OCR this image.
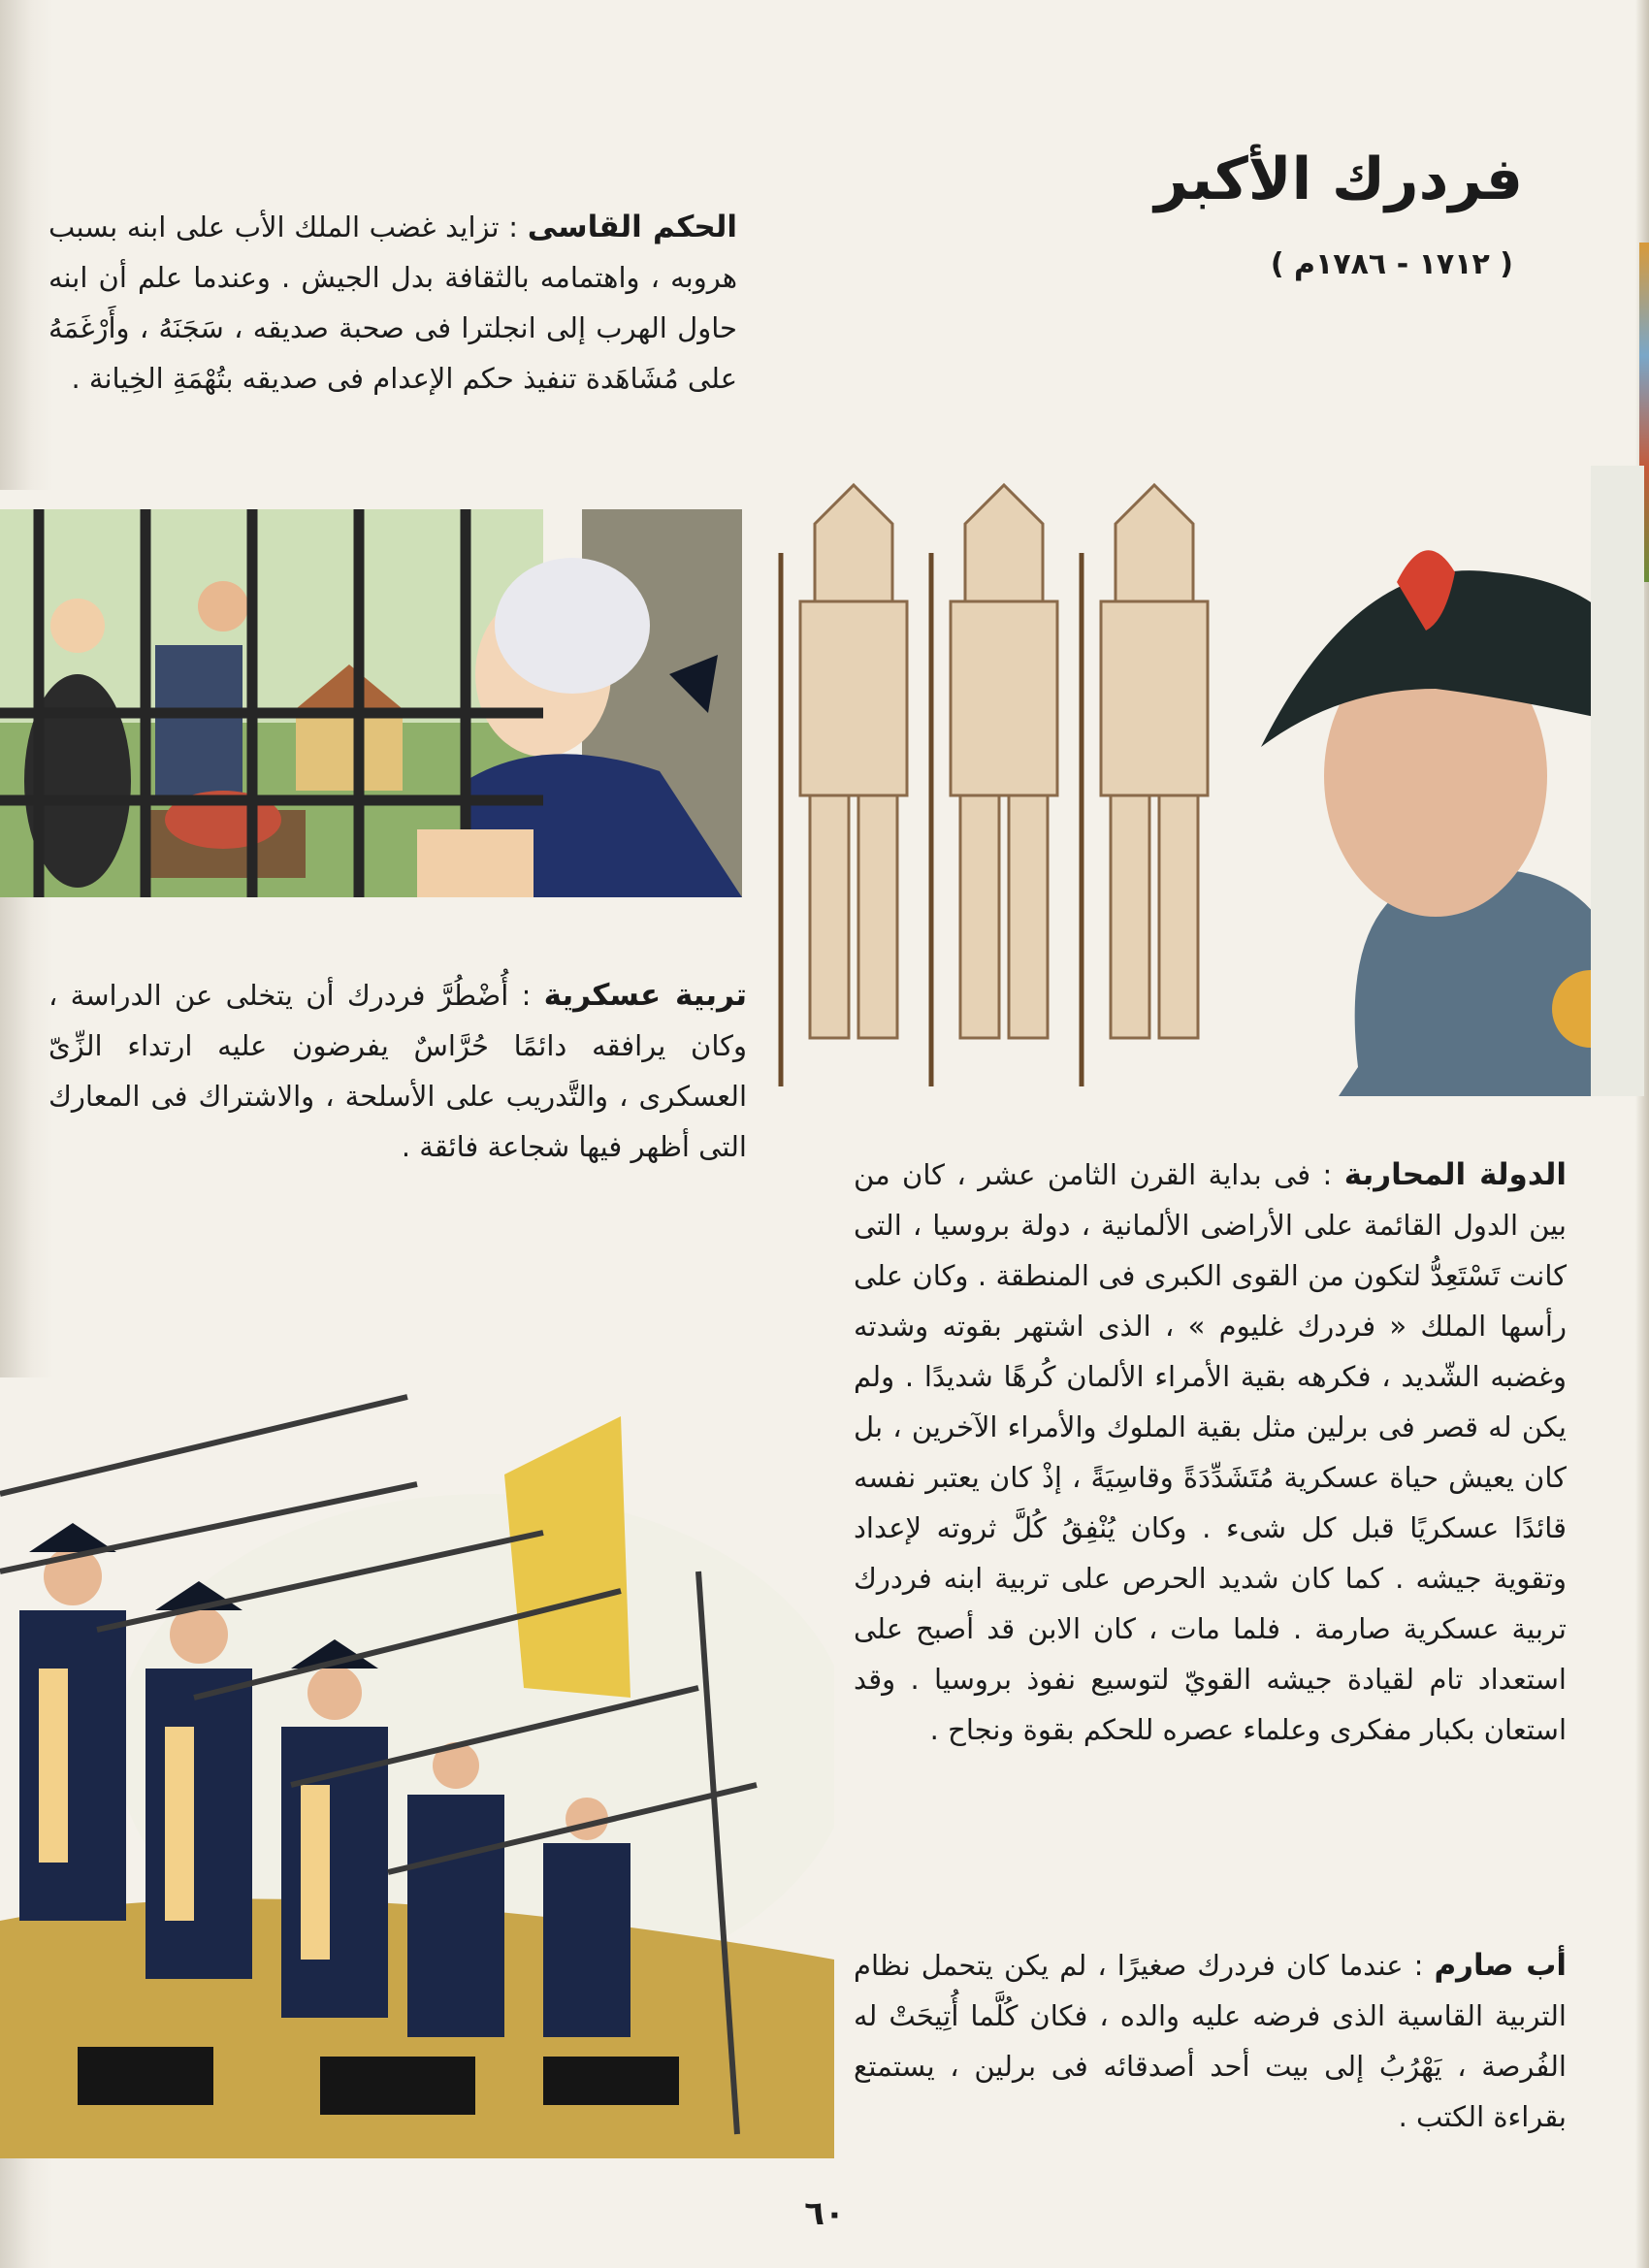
فردرك الأكبر
( ١٧١٢ - ١٧٨٦م )

الحكم القاسى : تزايد غضب الملك الأب على ابنه بسبب هروبه ، واهتمامه بالثقافة بدل الجيش . وعندما علم أن ابنه حاول الهرب إلى انجلترا فى صحبة صديقه ، سَجَنَهُ ، وأَرْغَمَهُ على مُشَاهَدة تنفيذ حكم الإعدام فى صديقه بتُهْمَةِ الخِيانة .

تربية عسكرية : أُضْطُرَّ فردرك أن يتخلى عن الدراسة ، وكان يرافقه دائمًا حُرَّاسٌ يفرضون عليه ارتداء الزِّىّ العسكرى ، والتَّدريب على الأسلحة ، والاشتراك فى المعارك التى أظهر فيها شجاعة فائقة .

الدولة المحاربة : فى بداية القرن الثامن عشر ، كان من بين الدول القائمة على الأراضى الألمانية ، دولة بروسيا ، التى كانت تَسْتَعِدُّ لتكون من القوى الكبرى فى المنطقة . وكان على رأسها الملك « فردرك غليوم » ، الذى اشتهر بقوته وشدته وغضبه الشّديد ، فكرهه بقية الأمراء الألمان كُرهًا شديدًا . ولم يكن له قصر فى برلين مثل بقية الملوك والأمراء الآخرين ، بل كان يعيش حياة عسكرية مُتَشَدِّدَةً وقاسِيَةً ، إذْ كان يعتبر نفسه قائدًا عسكريًا قبل كل شىء . وكان يُنْفِقُ كُلَّ ثروته لإعداد وتقوية جيشه . كما كان شديد الحرص على تربية ابنه فردرك تربية عسكرية صارمة . فلما مات ، كان الابن قد أصبح على استعداد تام لقيادة جيشه القويّ لتوسيع نفوذ بروسيا . وقد استعان بكبار مفكرى وعلماء عصره للحكم بقوة ونجاح .

أب صارم : عندما كان فردرك صغيرًا ، لم يكن يتحمل نظام التربية القاسية الذى فرضه عليه والده ، فكان كُلَّما أُتِيحَتْ له الفُرصة ، يَهْرُبُ إلى بيت أحد أصدقائه فى برلين ، يستمتع بقراءة الكتب .

٦٠
